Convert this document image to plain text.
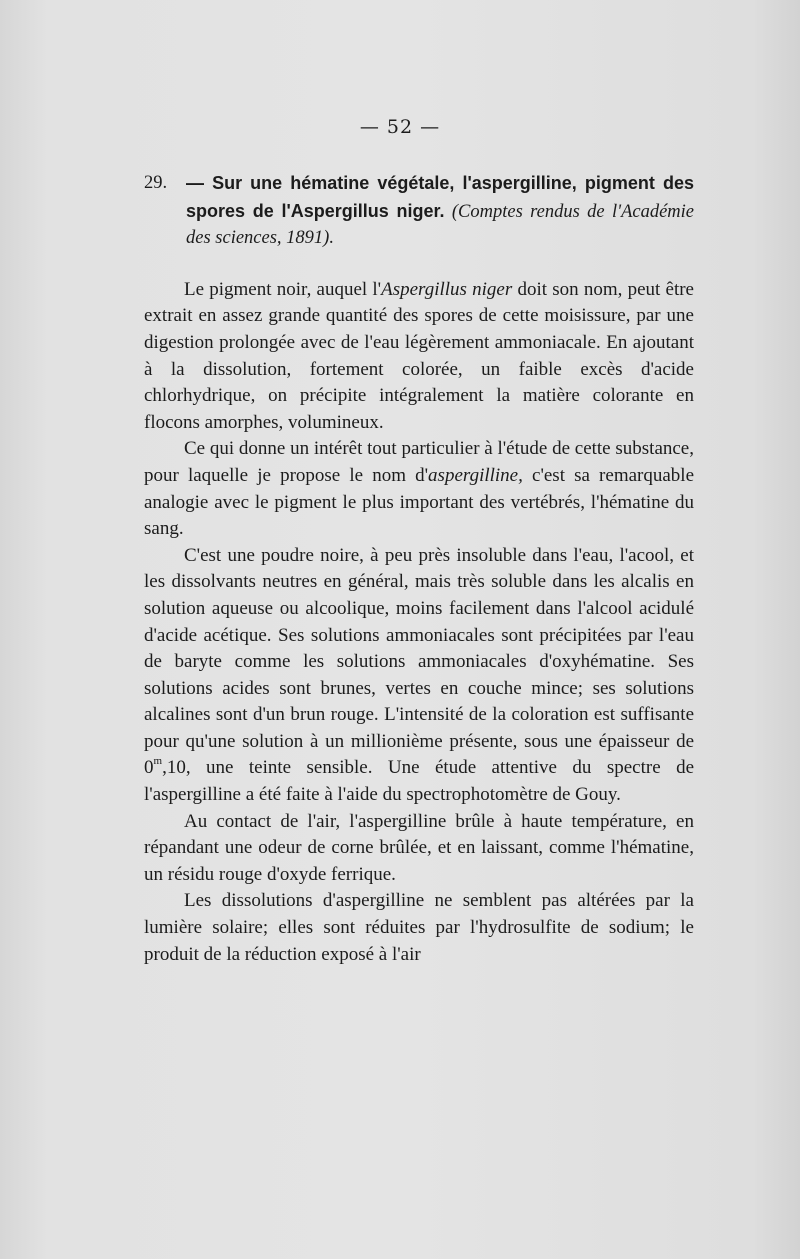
— 52 —
29. — Sur une hématine végétale, l'aspergilline, pigment des spores de l'Aspergillus niger. (Comptes rendus de l'Académie des sciences, 1891).

Le pigment noir, auquel l'Aspergillus niger doit son nom, peut être extrait en assez grande quantité des spores de cette moisissure, par une digestion prolongée avec de l'eau légèrement ammoniacale. En ajoutant à la dissolution, fortement colorée, un faible excès d'acide chlorhydrique, on précipite intégralement la matière colorante en flocons amorphes, volumineux.

Ce qui donne un intérêt tout particulier à l'étude de cette substance, pour laquelle je propose le nom d'aspergilline, c'est sa remarquable analogie avec le pigment le plus important des vertébrés, l'hématine du sang.

C'est une poudre noire, à peu près insoluble dans l'eau, l'acool, et les dissolvants neutres en général, mais très soluble dans les alcalis en solution aqueuse ou alcoolique, moins facilement dans l'alcool acidulé d'acide acétique. Ses solutions ammoniacales sont précipitées par l'eau de baryte comme les solutions ammoniacales d'oxyhématine. Ses solutions acides sont brunes, vertes en couche mince; ses solutions alcalines sont d'un brun rouge. L'intensité de la coloration est suffisante pour qu'une solution à un millionième présente, sous une épaisseur de 0$^m$,10, une teinte sensible. Une étude attentive du spectre de l'aspergilline a été faite à l'aide du spectrophotomètre de Gouy.

Au contact de l'air, l'aspergilline brûle à haute température, en répandant une odeur de corne brûlée, et en laissant, comme l'hématine, un résidu rouge d'oxyde ferrique.

Les dissolutions d'aspergilline ne semblent pas altérées par la lumière solaire; elles sont réduites par l'hydrosulfite de sodium; le produit de la réduction exposé à l'air
